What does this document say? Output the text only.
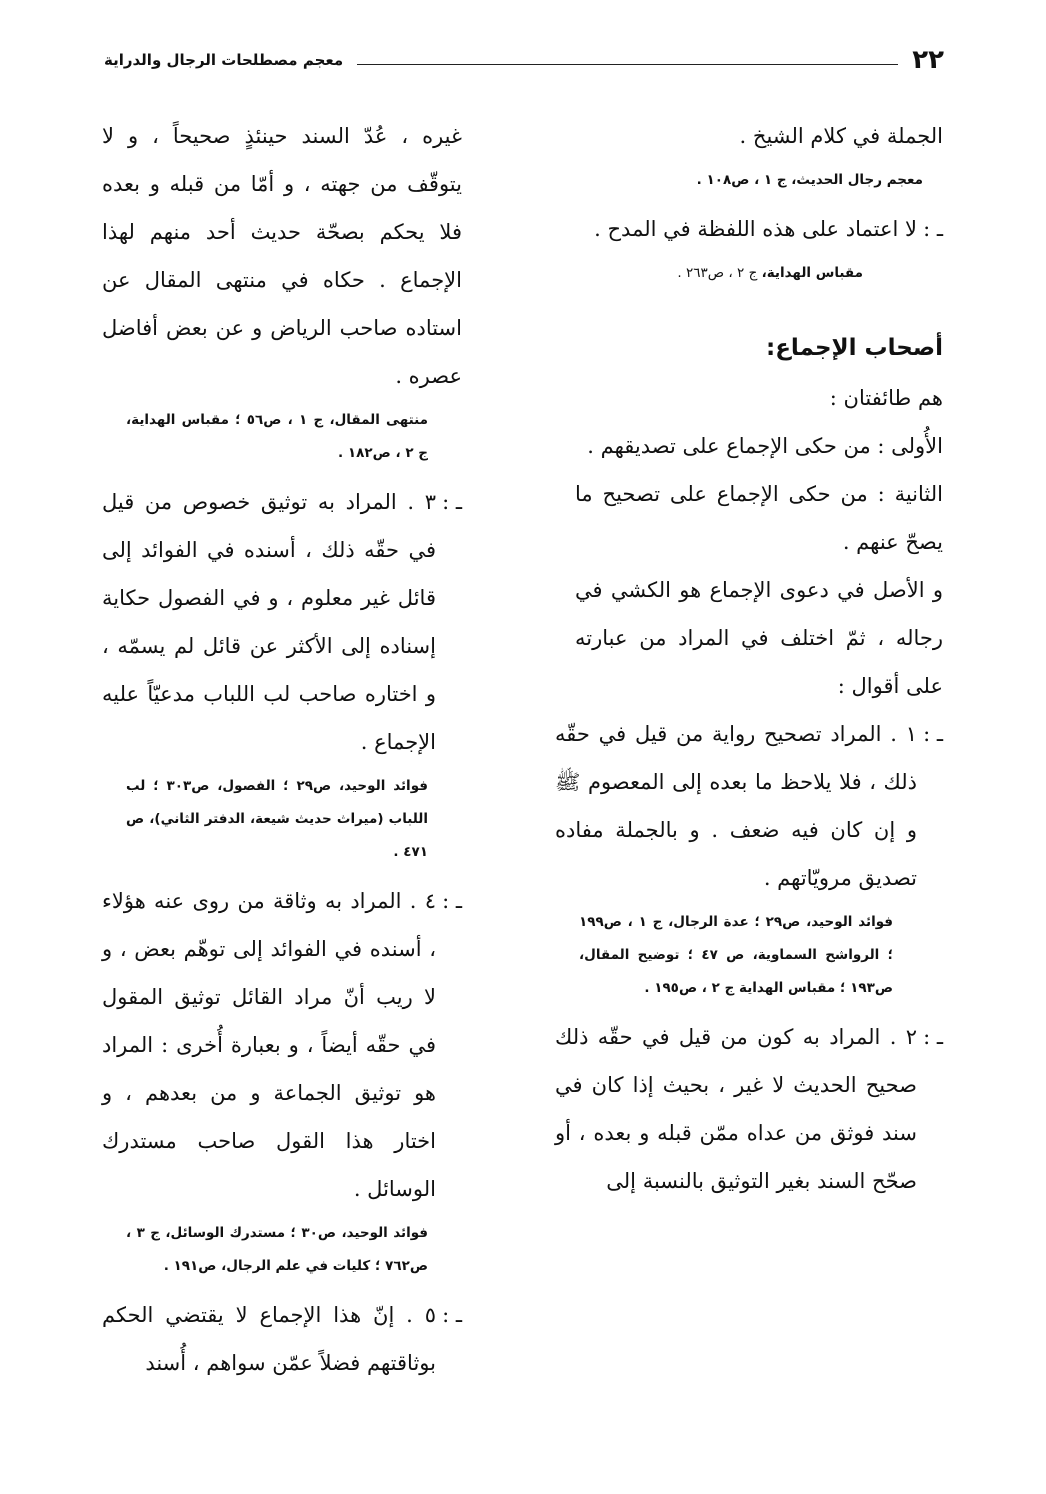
٢٢
معجم مصطلحات الرجال والدراية

الجملة في كلام الشيخ .

معجم رجال الحديث، ج ١ ، ص١٠٨ .
ـ :
لا اعتماد على هذه اللفظة في المدح .
مقباس الهداية، ج ٢ ، ص٢٦٣ .
أصحاب الإجماع:

هم طائفتان :

الأُولى : من حكى الإجماع على تصديقهم .

الثانية : من حكى الإجماع على تصحيح ما يصحّ عنهم .

و الأصل في دعوى الإجماع هو الكشي في رجاله ، ثمّ اختلف في المراد من عبارته على أقوال :

ـ :
١ . المراد تصحيح رواية من قيل في حقّه ذلك ، فلا يلاحظ ما بعده إلى المعصوم ﷺ و إن كان فيه ضعف . و بالجملة مفاده تصديق مرويّاتهم .
فوائد الوحيد، ص٢٩ ؛ عدة الرجال، ج ١ ، ص١٩٩ ؛ الرواشح السماوية، ص ٤٧ ؛ توضيح المقال، ص١٩٣ ؛ مقباس الهداية ج ٢ ، ص١٩٥ .
ـ :
٢ . المراد به كون من قيل في حقّه ذلك صحيح الحديث لا غير ، بحيث إذا كان في سند فوثق من عداه ممّن قبله و بعده ، أو صحّح السند بغير التوثيق بالنسبة إلى

غيره ، عُدّ السند حينئذٍ صحيحاً ، و لا يتوقّف من جهته ، و أمّا من قبله و بعده فلا يحكم بصحّة حديث أحد منهم لهذا الإجماع . حكاه في منتهى المقال عن استاده صاحب الرياض و عن بعض أفاضل عصره .

منتهى المقال، ج ١ ، ص٥٦ ؛ مقباس الهداية، ج ٢ ، ص١٨٢ .
ـ :
٣ . المراد به توثيق خصوص من قيل في حقّه ذلك ، أسنده في الفوائد إلى قائل غير معلوم ، و في الفصول حكاية إسناده إلى الأكثر عن قائل لم يسمّه ، و اختاره صاحب لب اللباب مدعيّاً عليه الإجماع .
فوائد الوحيد، ص٢٩ ؛ الفصول، ص٣٠٣ ؛ لب اللباب (ميراث حديث شيعة، الدفتر الثاني)، ص ٤٧١ .
ـ :
٤ . المراد به وثاقة من روى عنه هؤلاء ، أسنده في الفوائد إلى توهّم بعض ، و لا ريب أنّ مراد القائل توثيق المقول في حقّه أيضاً ، و بعبارة أُخرى : المراد هو توثيق الجماعة و من بعدهم ، و اختار هذا القول صاحب مستدرك الوسائل .
فوائد الوحيد، ص٣٠ ؛ مستدرك الوسائل، ج ٣ ، ص٧٦٢ ؛ كليات في علم الرجال، ص١٩١ .
ـ :
٥ . إنّ هذا الإجماع لا يقتضي الحكم بوثاقتهم فضلاً عمّن سواهم ، أُسند
